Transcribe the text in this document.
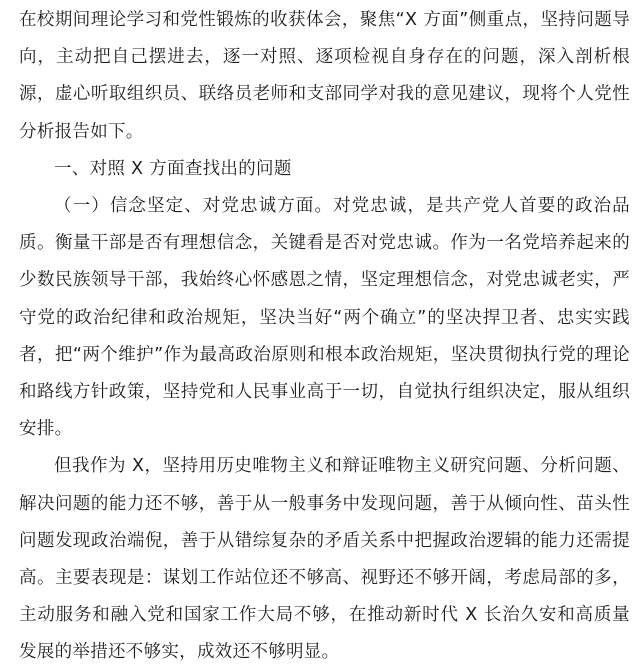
在校期间理论学习和党性锻炼的收获体会，聚焦“X 方面”侧重点，坚持问题导向，主动把自己摆进去，逐一对照、逐项检视自身存在的问题，深入剖析根源，虚心听取组织员、联络员老师和支部同学对我的意见建议，现将个人党性分析报告如下。

一、对照 X 方面查找出的问题

（一）信念坚定、对党忠诚方面。对党忠诚，是共产党人首要的政治品质。衡量干部是否有理想信念，关键看是否对党忠诚。作为一名党培养起来的少数民族领导干部，我始终心怀感恩之情，坚定理想信念，对党忠诚老实，严守党的政治纪律和政治规矩，坚决当好“两个确立”的坚决捍卫者、忠实实践者，把“两个维护”作为最高政治原则和根本政治规矩，坚决贯彻执行党的理论和路线方针政策，坚持党和人民事业高于一切，自觉执行组织决定，服从组织安排。

但我作为 X，坚持用历史唯物主义和辩证唯物主义研究问题、分析问题、解决问题的能力还不够，善于从一般事务中发现问题，善于从倾向性、苗头性问题发现政治端倪，善于从错综复杂的矛盾关系中把握政治逻辑的能力还需提高。主要表现是：谋划工作站位还不够高、视野还不够开阔，考虑局部的多，主动服务和融入党和国家工作大局不够，在推动新时代 X 长治久安和高质量发展的举措还不够实，成效还不够明显。
